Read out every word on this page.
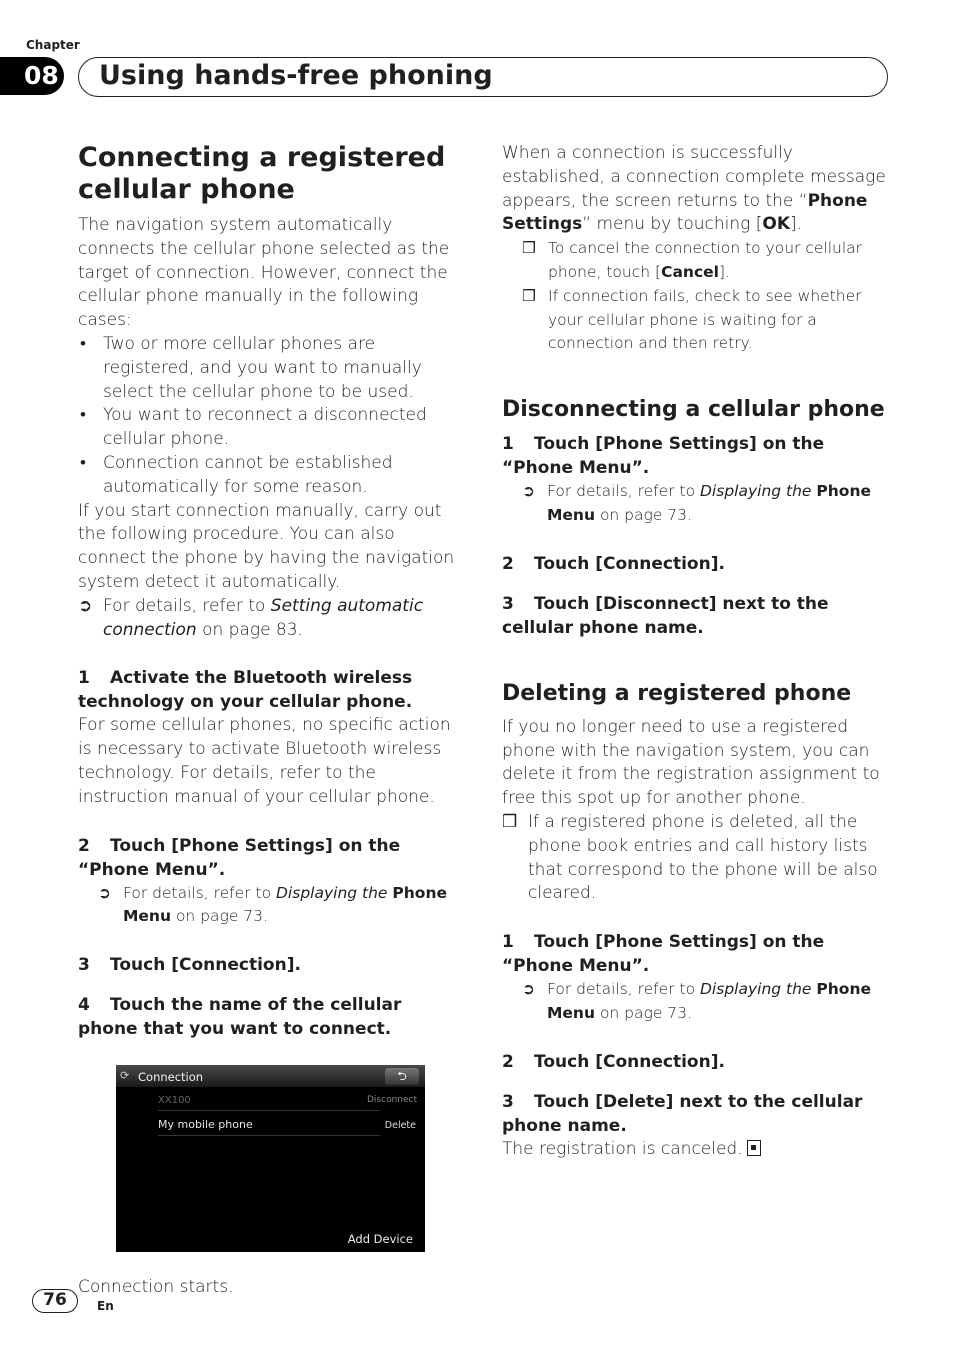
Chapter
08	Using hands-free phoning
Connecting a registered cellular phone

The navigation system automatically connects the cellular phone selected as the target of connection. However, connect the cellular phone manually in the following cases:

• Two or more cellular phones are registered, and you want to manually select the cellular phone to be used.
• You want to reconnect a disconnected cellular phone.
• Connection cannot be established automatically for some reason.

If you start connection manually, carry out the following procedure. You can also connect the phone by having the navigation system detect it automatically.

➲ For details, refer to Setting automatic connection on page 83.
1 Activate the Bluetooth wireless technology on your cellular phone.

For some cellular phones, no specific action is necessary to activate Bluetooth wireless technology. For details, refer to the instruction manual of your cellular phone.

2 Touch [Phone Settings] on the “Phone Menu”.
➲ For details, refer to Displaying the Phone Menu on page 73.
3 Touch [Connection].
4 Touch the name of the cellular phone that you want to connect.
⟳ Connection	⮌
XX100	Disconnect
My mobile phone	Delete
Add Device

Connection starts.

When a connection is successfully established, a connection complete message appears, the screen returns to the “Phone Settings” menu by touching [OK].

❒ To cancel the connection to your cellular phone, touch [Cancel].
❒ If connection fails, check to see whether your cellular phone is waiting for a connection and then retry.
Disconnecting a cellular phone
1 Touch [Phone Settings] on the “Phone Menu”.
➲ For details, refer to Displaying the Phone Menu on page 73.
2 Touch [Connection].
3 Touch [Disconnect] next to the cellular phone name.
Deleting a registered phone

If you no longer need to use a registered phone with the navigation system, you can delete it from the registration assignment to free this spot up for another phone.

❒ If a registered phone is deleted, all the phone book entries and call history lists that correspond to the phone will be also cleared.
1 Touch [Phone Settings] on the “Phone Menu”.
➲ For details, refer to Displaying the Phone Menu on page 73.
2 Touch [Connection].
3 Touch [Delete] next to the cellular phone name.

The registration is canceled.

76	En
